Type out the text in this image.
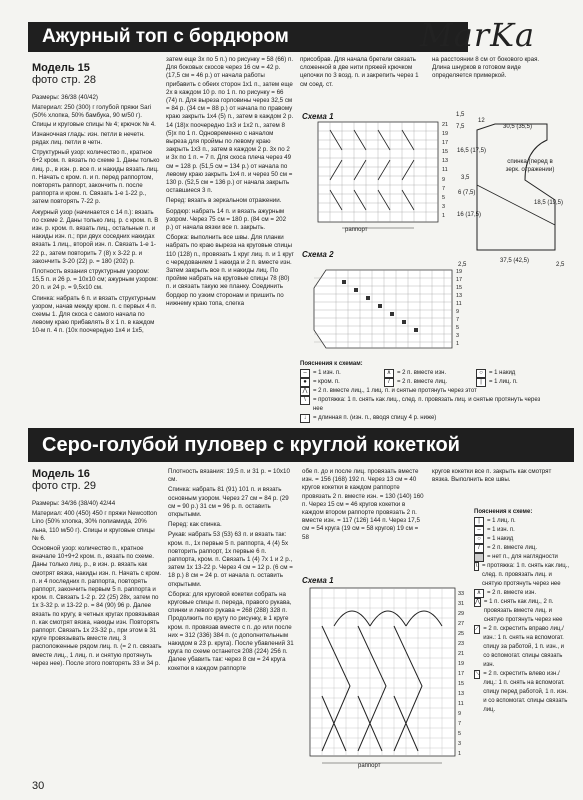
Ажурный топ с бордюром	MarKa
Модель 15
фото стр. 28

Размеры: 36/38 (40/42)

Материал: 250 (300) г голубой пряжи Sari (50% хлопка, 50% бамбука, 90 м/50 г). Спицы и круговые спицы № 4; крючок № 4.

Изнаночная гладь: изн. петли в нечетн. рядах лиц. петли в четн.

Структурный узор: количество п., кратное 6+2 кром. п. вязать по схеме 1. Даны только лиц. р., в изн. р. все п. и накиды вязать лиц. п. Начать с кром. п. и п. перед раппортом, повторять раппорт, закончить п. после раппорта и кром. п. Связать 1-е 1-22 р., затем повторять 7-22 р.

Ажурный узор (начинается с 14 п.): вязать по схеме 2. Даны только лиц. р. с кром. п. В изн. р. кром. п. вязать лиц., остальные п. и накиды изн. п.; при двух соседних накидах вязать 1 лиц., второй изн. п. Связать 1-е 1-22 р., затем повторить 7 (8) х 3-22 р. и закончить 3-20 (22) р. = 180 (202) р.

Плотность вязания структурным узором: 15,5 п. и 26 р. = 10х10 см; ажурным узором: 20 п. и 24 р. = 9,5х10 см.

Спинка: набрать 6 п. и вязать структурным узором, начав между кром. п. с первых 4 п. схемы 1. Для скоса с самого начала по левому краю прибавлять 8 х 1 п. в каждом 10-м п. 4 п. (10х поочередно 1х4 и 1х5,

затем еще 3х по 5 п.) по рисунку = 58 (66) п. Для боковых скосов через 16 см = 42 р. (17,5 см = 46 р.) от начала работы прибавить с обеих сторон 1х1 п., затем еще 2х в каждом 10 р. по 1 п. по рисунку = 66 (74) п. Для выреза горловины через 32,5 см = 84 р. (34 см = 88 р.) от начала по правому краю закрыть 1х4 (5) п., затем в каждом 2 р. 14 (18)х поочередно 1х3 и 1х2 п., затем 8 (5)х по 1 п. Одновременно с началом выреза для проймы по левому краю закрыть 1х3 п., затем в каждом 2 р. 3х по 2 и 3х по 1 п. = 7 п. Для скоса плеча через 49 см = 128 р. (51,5 см = 134 р.) от начала по левому краю закрыть 1х4 п. и через 50 см = 130 р. (52,5 см = 136 р.) от начала закрыть оставшиеся 3 п.

Перед: вязать в зеркальном отражении.

Бордюр: набрать 14 п. и вязать ажурным узором. Через 75 см = 180 р. (84 см = 202 р.) от начала вязки все п. закрыть.

Сборка: выполнить все швы. Для планки набрать по краю выреза на круговые спицы 110 (128) п., провязать 1 круг лиц. п. и 1 круг с чередованием 1 накида и 2 п. вместе изн. Затем закрыть все п. и накиды лиц. По пройме набрать на круговые спицы 78 (80) п. и связать такую же планку. Соединить бордюр по узким сторонам и пришить по нижнему краю топа, слегка

присобрав. Для начала бретели связать сложенной в две нити пряжей крючком цепочки по 3 возд. п. и закрепить через 1 см соед. ст.

на расстоянии 8 см от бокового края. Длина шнурков в готовом виде определяется примеркой.

Схема 1
раппорт
21
19
17
15
13
11
9
7
5
3
1
спинка (перед в зерк. отражении)
7,5	30,5 (35,5)
12
1,5
16,5 (17,5)
18,5 (19,5)
3,5
6 (7,5)
16 (17,5)
37,5 (42,5)
2,5	2,5
Схема 2
19
17
15
13
11
9
7
5
3
1
Пояснения к схемам:
–	= 1 изн. п.	∧ = 2 п. вместе изн.	○	= 1 накид
●	= кром. п.	/	= 2 п. вместе лиц.	|	= 1 лиц. п.
⋀ = 2 п. вместе лиц., 1 лиц. п. и снятые протянуть через этот
\	= протяжка: 1 п. снять как лиц., след. п. провязать лиц. и снятые протянуть через нее
↓	= длинная п. (изн. п., вводя спицу 4 р. ниже)
Серо-голубой пуловер с круглой кокеткой
Модель 16
фото стр. 29

Размеры: 34/36 (38/40) 42/44

Материал: 400 (450) 450 г пряжи Newcotton Lino (50% хлопка, 30% полиамида, 20% льна, 110 м/50 г). Спицы и круговые спицы № 6.

Основной узор: количество п., кратное вначале 10+9+2 кром. п., вязать по схеме. Даны только лиц. р., в изн. р. вязать как смотрят вязка, накиды изн. п. Начать с кром. п. и 4 последних п. раппорта, повторять раппорт, закончить первым 5 п. раппорта и кром. п. Связать 1-2 р. 22 (25) 28х, затем по 1х 3-32 р. и 13-22 р. = 84 (90) 96 р. Далее вязать по кругу, в четных кругах провязывая п. как смотрят вязка, накиды изн. Повторять раппорт. Связать 1х 23-32 р., при этом в 31 круге провязывать вместе лиц. 3 расположенные рядом лиц. п. (= 2 п. связать вместе лиц., 1 лиц. п. и снятую протянуть через нее). После этого повторять 33 и 34 р.

Плотность вязания: 19,5 п. и 31 р. = 10х10 см.

Спинка: набрать 81 (91) 101 п. и вязать основным узором. Через 27 см = 84 р. (29 см = 90 р.) 31 см = 96 р. п. оставить открытыми.

Перед: как спинка.

Рукав: набрать 53 (53) 63 п. и вязать так: кром. п., 1х первые 5 п. раппорта, 4 (4) 5х повторить раппорт, 1х первые 6 п. раппорта, кром. п. Связать 1 (4) 7х 1 и 2 р., затем 1х 13-22 р. Через 4 см = 12 р. (6 см = 18 р.) 8 см = 24 р. от начала п. оставить открытыми.

Сборка: для круговой кокетки собрать на круговые спицы п. переда, правого рукава, спинки и левого рукава = 268 (288) 328 п. Продолжить по кругу по рисунку, в 1 круге кром. п. провязав вместе с п. до или после них = 312 (336) 384 п. (с дополнительным накидом в 23 р. круга). После убавлений 31 круга по схеме останется 208 (224) 256 п. Далее убавить так: через 8 см = 24 круга кокетки в каждом раппорте

обе п. до и после лиц. провязать вместе изн. = 156 (168) 192 п. Через 13 см = 40 кругов кокетки в каждом раппорте провязать 2 п. вместе изн. = 130 (140) 160 п. Через 15 см = 46 кругов кокетки в каждом втором раппорте провязать 2 п. вместе изн. = 117 (126) 144 п. Через 17,5 см = 54 круга (19 см = 58 кругов) 19 см = 58

кругов кокетки все п. закрыть как смотрят вязка. Выполнить все швы.

Схема 1
раппорт
33
31
29
27
25
23
21
19
17
15
13
11
9
7
5
3
1
Пояснения к схеме:
|	= 1 лиц. п.
–	= 1 изн. п.
○	= 1 накид
/	= 2 п. вместе лиц.
= нет п., для наглядности
\ = протяжка: 1 п. снять как лиц., след. п. провязать лиц. и снятую протянуть через нее
∧ = 2 п. вместе изн.
⋀ = 1 п. снять как лиц., 2 п. провязать вместе лиц. и снятую протянуть через нее
⟋ = 2 п. скрестить вправо лиц./изн.: 1 п. снять на вспомогат. спицу за работой, 1 п. изн., и со вспомогат. спицы связать изн.
⟍ = 2 п. скрестить влево изн./лиц.: 1 п. снять на вспомогат. спицу перед работой, 1 п. изн. и со вспомогат. спицы связать лиц.
30
